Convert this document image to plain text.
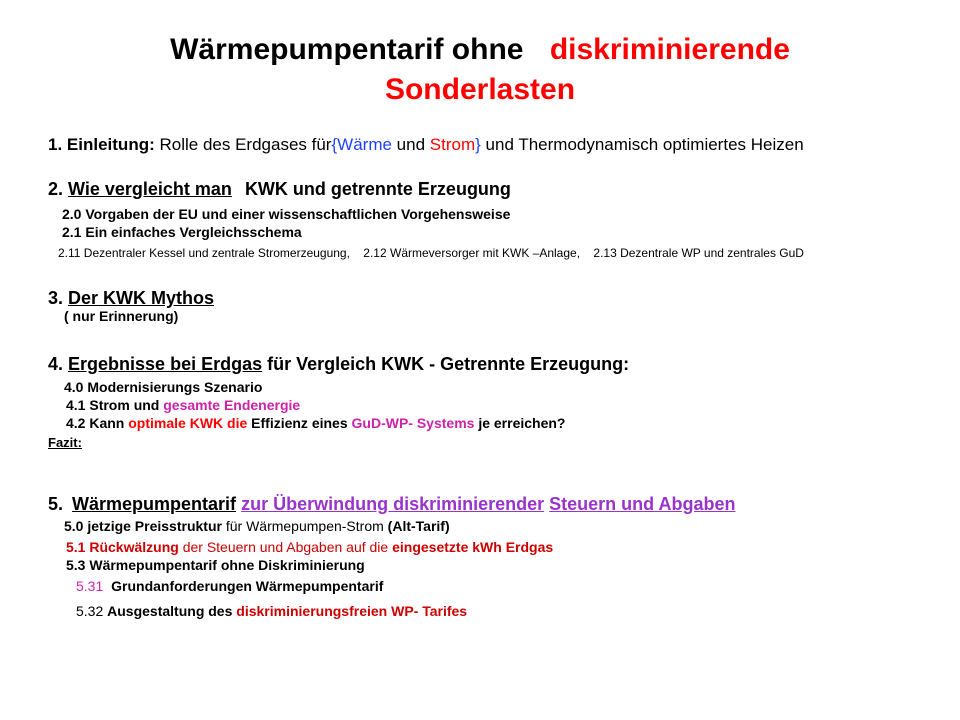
Wärmepumpentarif ohne diskriminierende
Sonderlasten
1. Einleitung: Rolle des Erdgases für{Wärme und Strom} und Thermodynamisch optimiertes Heizen
2. Wie vergleicht man KWK und getrennte Erzeugung
2.0 Vorgaben der EU und einer wissenschaftlichen Vorgehensweise
2.1 Ein einfaches Vergleichsschema
2.11 Dezentraler Kessel und zentrale Stromerzeugung, 2.12 Wärmeversorger mit KWK –Anlage, 2.13 Dezentrale WP und zentrales GuD
3. Der KWK Mythos
( nur Erinnerung)
4. Ergebnisse bei Erdgas für Vergleich KWK - Getrennte Erzeugung:
4.0 Modernisierungs Szenario
4.1 Strom und gesamte Endenergie
4.2 Kann optimale KWK die Effizienz eines GuD-WP- Systems je erreichen?
Fazit:
5. Wärmepumpentarif zur Überwindung diskriminierender Steuern und Abgaben
5.0 jetzige Preisstruktur für Wärmepumpen-Strom (Alt-Tarif)
5.1 Rückwälzung der Steuern und Abgaben auf die eingesetzte kWh Erdgas
5.3 Wärmepumpentarif ohne Diskriminierung
5.31 Grundanforderungen Wärmepumpentarif
5.32 Ausgestaltung des diskriminierungsfreien WP- Tarifes
